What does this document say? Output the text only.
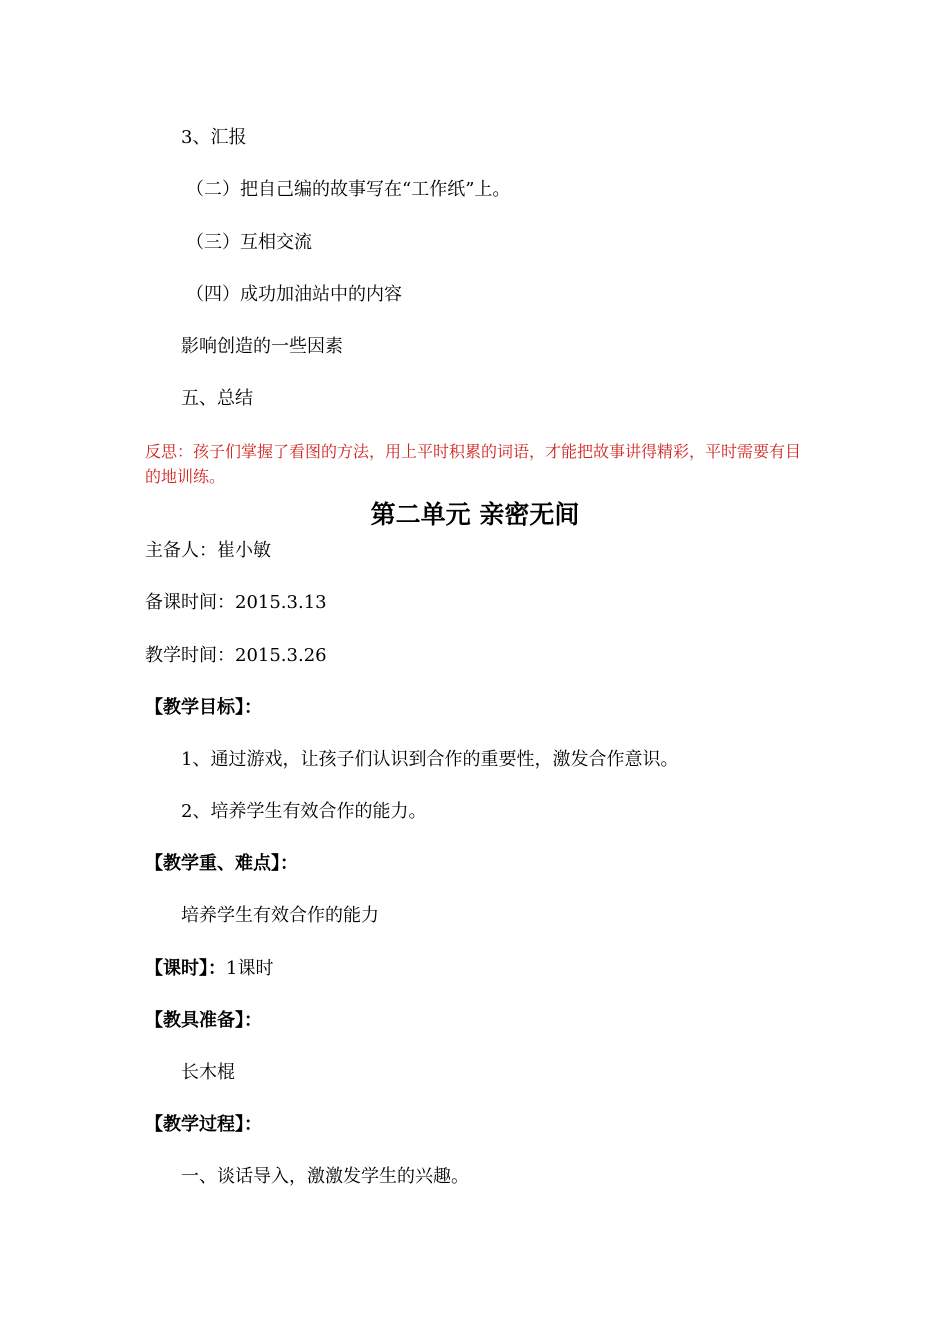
3、汇报
（二）把自己编的故事写在“工作纸”上。
（三）互相交流
（四）成功加油站中的内容
影响创造的一些因素
五、总结
反思：孩子们掌握了看图的方法，用上平时积累的词语，才能把故事讲得精彩，平时需要有目的地训练。
第二单元 亲密无间
主备人：崔小敏
备课时间：2015.3.13
教学时间：2015.3.26
【教学目标】：
1、通过游戏，让孩子们认识到合作的重要性，激发合作意识。
2、培养学生有效合作的能力。
【教学重、难点】：
培养学生有效合作的能力
【课时】：1课时
【教具准备】：
长木棍
【教学过程】：
一、谈话导入，激激发学生的兴趣。
